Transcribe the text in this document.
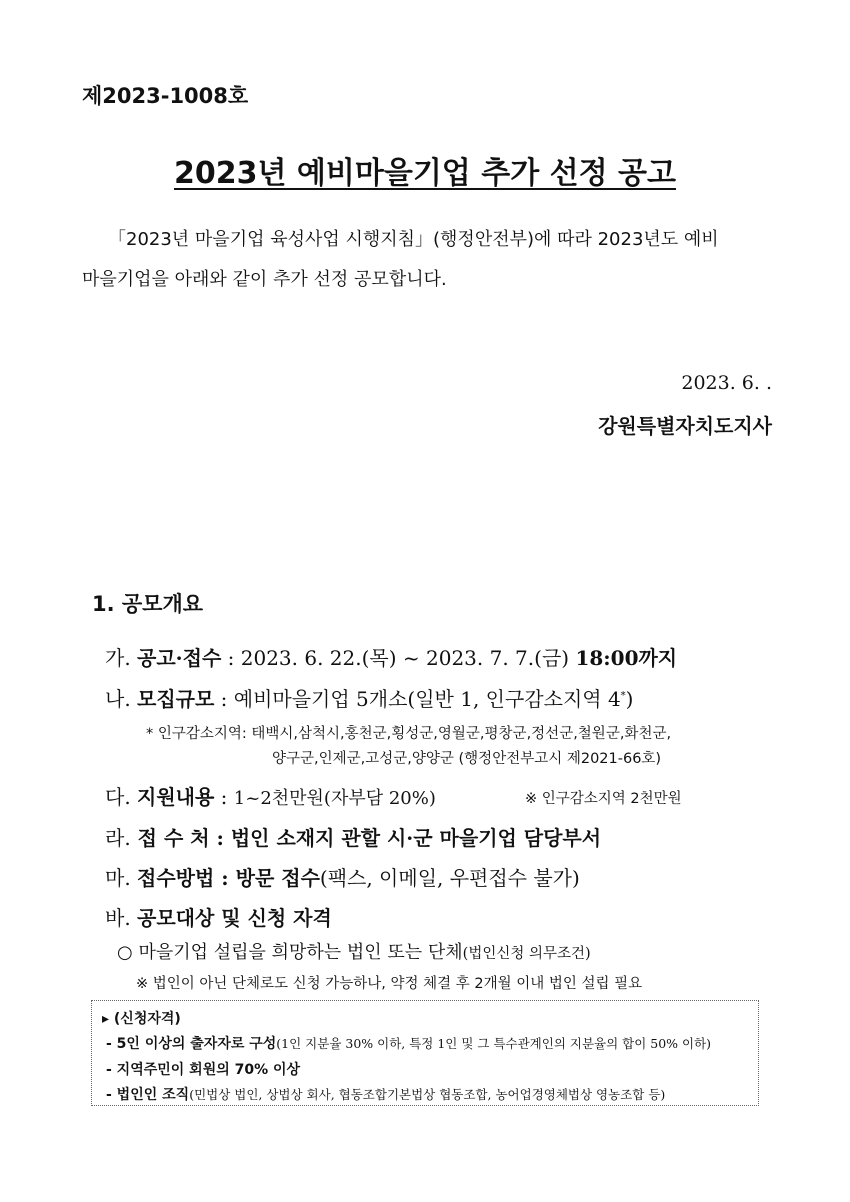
제2023-1008호
2023년 예비마을기업 추가 선정 공고
「2023년 마을기업 육성사업 시행지침」(행정안전부)에 따라 2023년도 예비
마을기업을 아래와 같이 추가 선정 공모합니다.
2023. 6. .
강원특별자치도지사
1. 공모개요
가. 공고·접수 : 2023. 6. 22.(목) ~ 2023. 7. 7.(금) 18:00까지
나. 모집규모 : 예비마을기업 5개소(일반 1, 인구감소지역 4*)
* 인구감소지역: 태백시,삼척시,홍천군,횡성군,영월군,평창군,정선군,철원군,화천군,
양구군,인제군,고성군,양양군 (행정안전부고시 제2021-66호)
다. 지원내용 : 1~2천만원(자부담 20%)	※ 인구감소지역 2천만원
라. 접 수 처 : 법인 소재지 관할 시·군 마을기업 담당부서
마. 접수방법 : 방문 접수(팩스, 이메일, 우편접수 불가)
바. 공모대상 및 신청 자격
○ 마을기업 설립을 희망하는 법인 또는 단체(법인신청 의무조건)
※ 법인이 아닌 단체로도 신청 가능하나, 약정 체결 후 2개월 이내 법인 설립 필요
▸ (신청자격)
- 5인 이상의 출자자로 구성(1인 지분율 30% 이하, 특정 1인 및 그 특수관계인의 지분율의 합이 50% 이하)
- 지역주민이 회원의 70% 이상
- 법인인 조직(민법상 법인, 상법상 회사, 협동조합기본법상 협동조합, 농어업경영체법상 영농조합 등)
